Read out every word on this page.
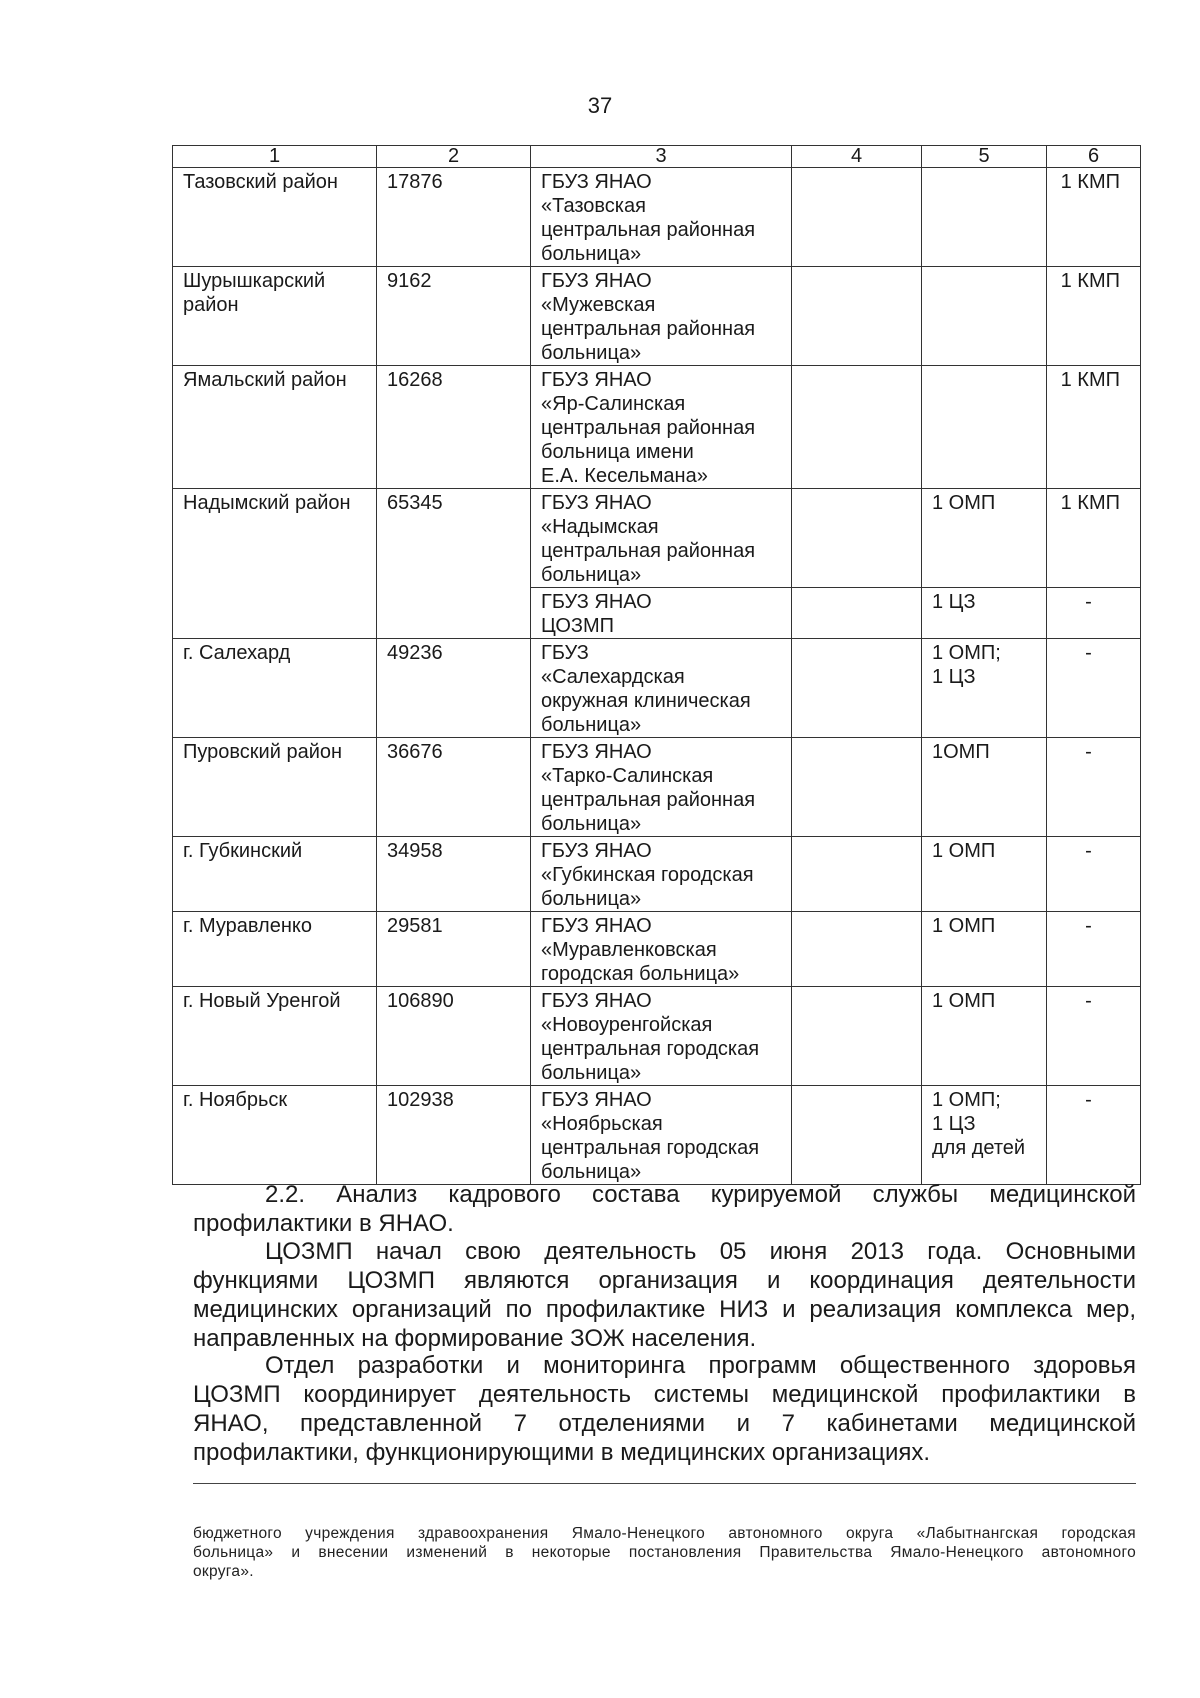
37
1	2	3	4	5	6
Тазовский район	17876	ГБУЗ ЯНАО
«Тазовская
центральная районная
больница»			1 КМП
Шурышкарский
район	9162	ГБУЗ ЯНАО
«Мужевская
центральная районная
больница»			1 КМП
Ямальский район	16268	ГБУЗ ЯНАО
«Яр-Салинская
центральная районная
больница имени
Е.А. Кесельмана»			1 КМП
Надымский район	65345	ГБУЗ ЯНАО
«Надымская
центральная районная
больница»		1 ОМП	1 КМП
		ГБУЗ ЯНАО
ЦОЗМП		1 ЦЗ	-
г. Салехард	49236	ГБУЗ
«Салехардская
окружная клиническая
больница»		1 ОМП;
1 ЦЗ	-
Пуровский район	36676	ГБУЗ ЯНАО
«Тарко-Салинская
центральная районная
больница»		1ОМП	-
г. Губкинский	34958	ГБУЗ ЯНАО
«Губкинская городская
больница»		1 ОМП	-
г. Муравленко	29581	ГБУЗ ЯНАО
«Муравленковская
городская больница»		1 ОМП	-
г. Новый Уренгой	106890	ГБУЗ ЯНАО
«Новоуренгойская
центральная городская
больница»		1 ОМП	-
г. Ноябрьск	102938	ГБУЗ ЯНАО
«Ноябрьская
центральная городская
больница»		1 ОМП;
1 ЦЗ
для детей	-
2.2. Анализ кадрового состава курируемой службы медицинской
профилактики в ЯНАО.
ЦОЗМП начал свою деятельность 05 июня 2013 года. Основными
функциями ЦОЗМП являются организация и координация деятельности
медицинских организаций по профилактике НИЗ и реализация комплекса мер,
направленных на формирование ЗОЖ населения.
Отдел разработки и мониторинга программ общественного здоровья
ЦОЗМП координирует деятельность системы медицинской профилактики в
ЯНАО, представленной 7 отделениями и 7 кабинетами медицинской
профилактики, функционирующими в медицинских организациях.
бюджетного учреждения здравоохранения Ямало-Ненецкого автономного округа «Лабытнангская городская
больница» и внесении изменений в некоторые постановления Правительства Ямало-Ненецкого автономного
округа».
